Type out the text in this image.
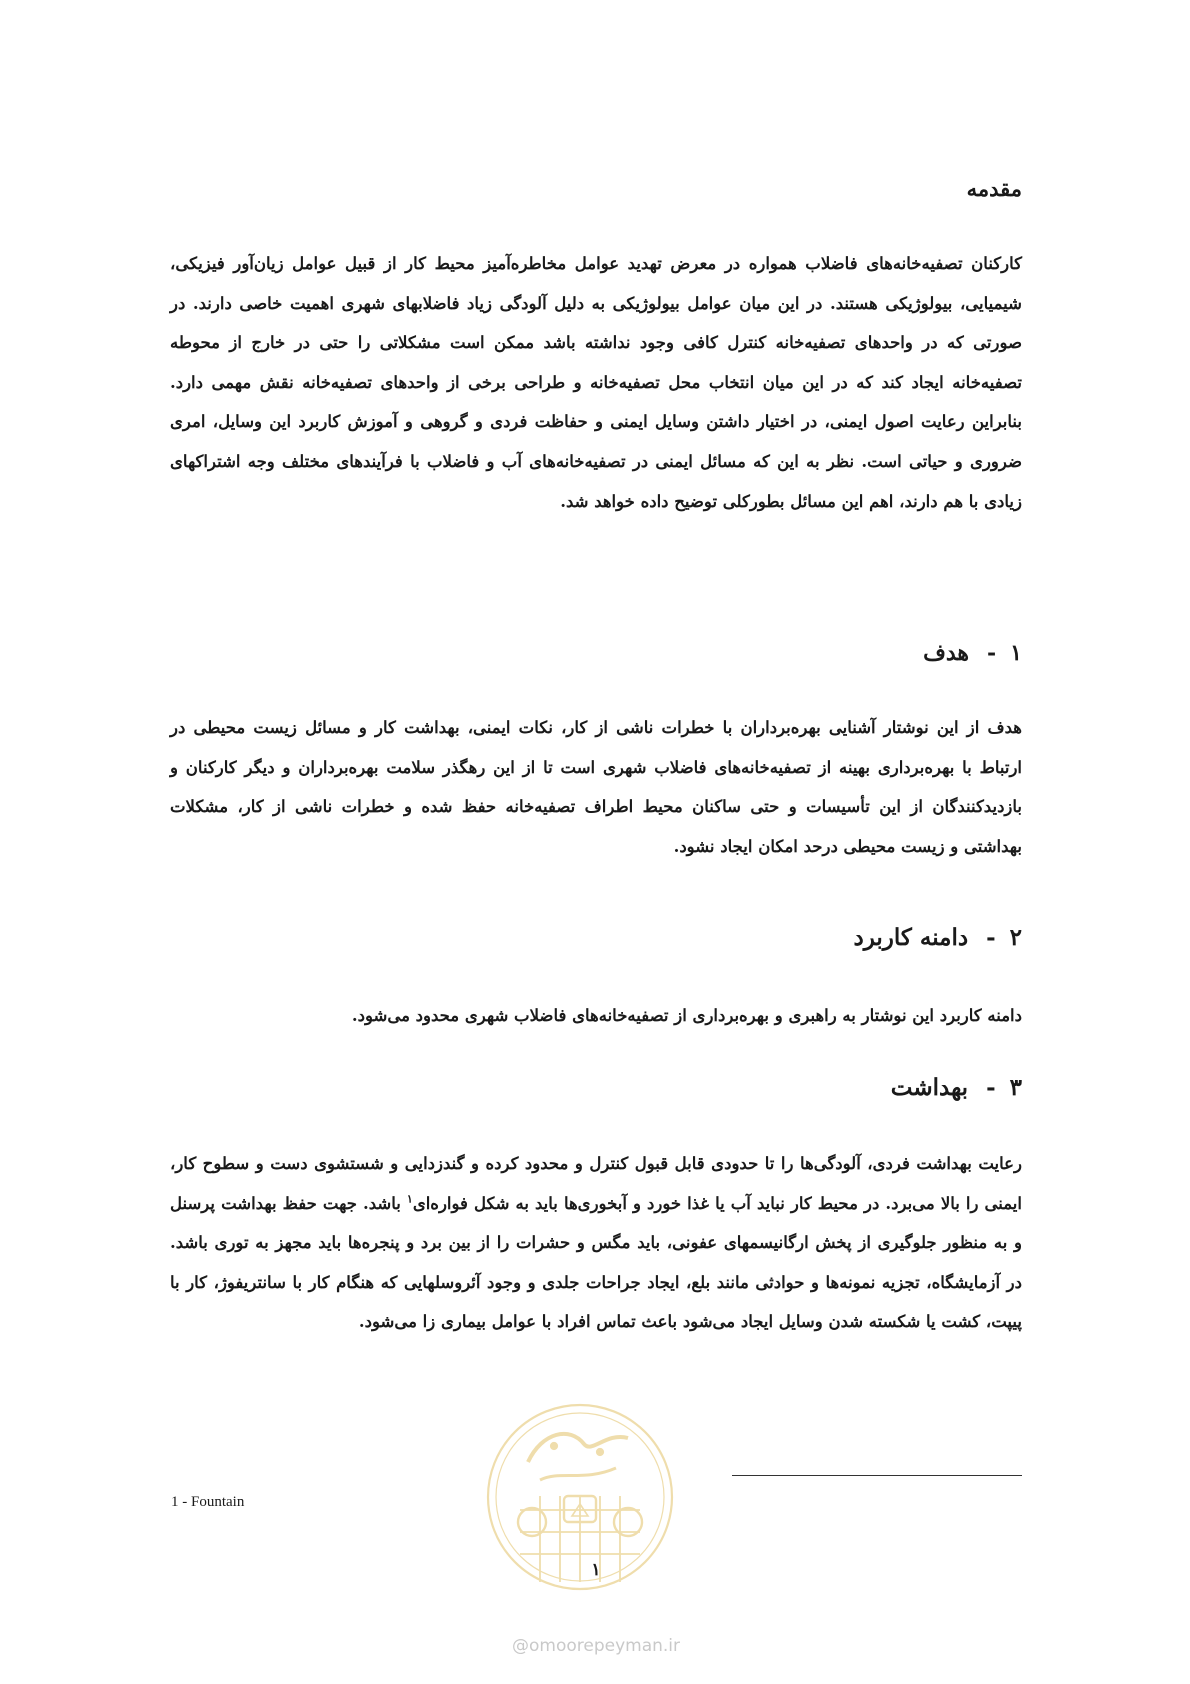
مقدمه
کارکنان تصفیه‌خانه‌های فاضلاب همواره در معرض تهدید عوامل مخاطره‌آمیز محیط کار از قبیل عوامل زیان‌آور فیزیکی، شیمیایی، بیولوژیکی هستند. در این میان عوامل بیولوژیکی به دلیل آلودگی زیاد فاضلابهای شهری اهمیت خاصی دارند. در صورتی که در واحدهای تصفیه‌خانه کنترل کافی وجود نداشته باشد ممکن است مشکلاتی را حتی در خارج از محوطه تصفیه‌خانه ایجاد کند که در این میان انتخاب محل تصفیه‌خانه و طراحی برخی از واحدهای تصفیه‌خانه نقش مهمی دارد. بنابراین رعایت اصول ایمنی، در اختیار داشتن وسایل ایمنی و حفاظت فردی و گروهی و آموزش کاربرد این وسایل، امری ضروری و حیاتی است. نظر به این که مسائل ایمنی در تصفیه‌خانه‌های آب و فاضلاب با فرآیندهای مختلف وجه اشتراکهای زیادی با هم دارند، اهم این مسائل بطورکلی توضیح داده خواهد شد.
۱-هدف
هدف از این نوشتار آشنایی بهره‌برداران با خطرات ناشی از کار، نکات ایمنی، بهداشت کار و مسائل زیست محیطی در ارتباط با بهره‌برداری بهینه از تصفیه‌خانه‌های فاضلاب شهری است تا از این رهگذر سلامت بهره‌برداران و دیگر کارکنان و بازدیدکنندگان از این تأسیسات و حتی ساکنان محیط اطراف تصفیه‌خانه حفظ شده و خطرات ناشی از کار، مشکلات بهداشتی و زیست محیطی درحد امکان ایجاد نشود.
۲-دامنه کاربرد
دامنه کاربرد این نوشتار به راهبری و بهره‌برداری از تصفیه‌خانه‌های فاضلاب شهری محدود می‌شود.
۳-بهداشت
رعایت بهداشت فردی، آلودگی‌ها را تا حدودی قابل قبول کنترل و محدود کرده و گندزدایی و شستشوی دست و سطوح کار، ایمنی را بالا می‌برد. در محیط کار نباید آب یا غذا خورد و آبخوری‌ها باید به شکل فواره‌ای$^۱$ باشد. جهت حفظ بهداشت پرسنل و به منظور جلوگیری از پخش ارگانیسمهای عفونی، باید مگس و حشرات را از بین برد و پنجره‌ها باید مجهز به توری باشد. در آزمایشگاه، تجزیه نمونه‌ها و حوادثی مانند بلع، ایجاد جراحات جلدی و وجود آئروسلهایی که هنگام کار با سانتریفوژ، کار با پیپت، کشت یا شکسته شدن وسایل ایجاد می‌شود باعث تماس افراد با عوامل بیماری زا می‌شود.
1 - Fountain
۱
@omoorepeyman.ir
